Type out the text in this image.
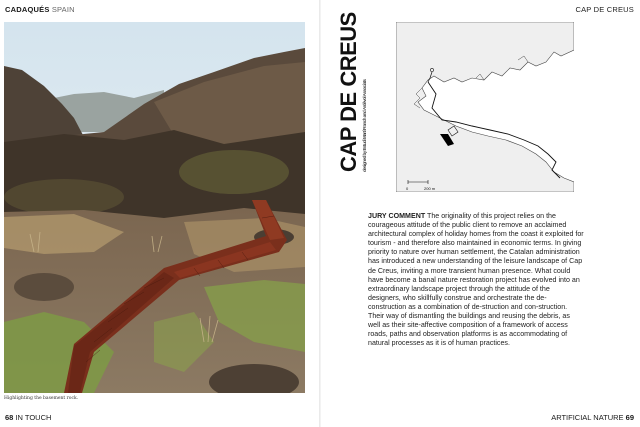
CADAQUÉS SPAIN	CAP DE CREUS
Highlighting the basement rock.
CAP DE CREUS designed by Estudi Martí Franch and Ardèvol Associats
0	200 m
JURY COMMENT The originality of this project relies on the courageous attitude of the public client to remove an acclaimed architectural complex of holiday homes from the coast it exploited for tourism - and therefore also maintained in economic terms. In giving priority to nature over human settlement, the Catalan administration has introduced a new understanding of the leisure landscape of Cap de Creus, inviting a more transient human presence. What could have become a banal nature restoration project has evolved into an extraordinary landscape project through the attitude of the designers, who skillfully construe and orchestrate the de-construction as a combination of de-struction and con-struction. Their way of dismantling the buildings and reusing the debris, as well as their site-affective composition of a framework of access roads, paths and observation platforms is as accommodating of natural processes as it is of human practices.
68 IN TOUCH	ARTIFICIAL NATURE 69
